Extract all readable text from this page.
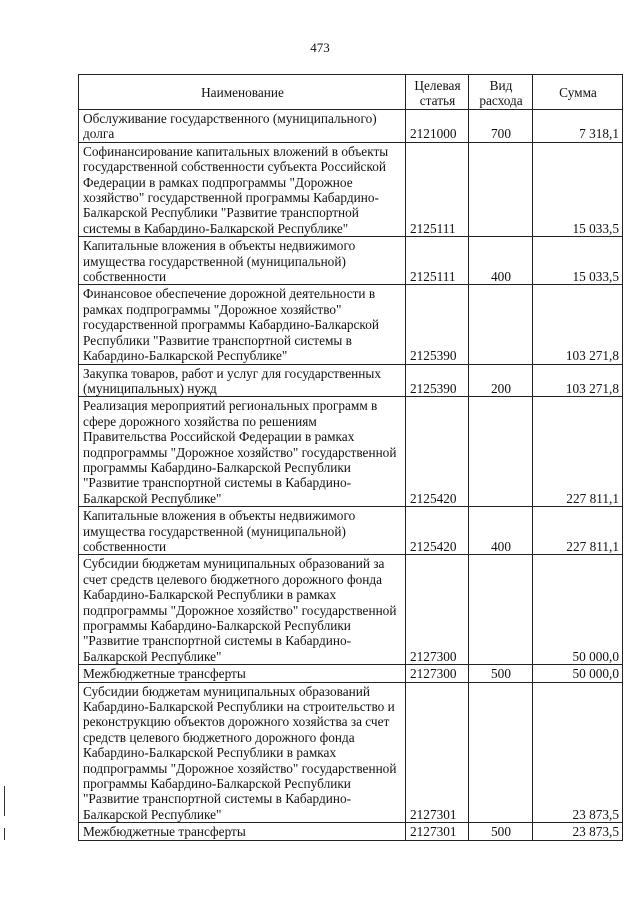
473
Наименование	Целевая статья	Вид расхода	Сумма
Обслуживание государственного (муниципального) долга	2121000	700	7 318,1
Софинансирование капитальных вложений в объекты государственной собственности субъекта Российской Федерации в рамках подпрограммы "Дорожное хозяйство" государственной программы Кабардино-Балкарской Республики "Развитие транспортной системы в Кабардино-Балкарской Республике"	2125111		15 033,5
Капитальные вложения в объекты недвижимого имущества государственной (муниципальной) собственности	2125111	400	15 033,5
Финансовое обеспечение дорожной деятельности в рамках подпрограммы "Дорожное хозяйство" государственной программы Кабардино-Балкарской Республики "Развитие транспортной системы в Кабардино-Балкарской Республике"	2125390		103 271,8
Закупка товаров, работ и услуг для государственных (муниципальных) нужд	2125390	200	103 271,8
Реализация мероприятий региональных программ в сфере дорожного хозяйства по решениям Правительства Российской Федерации в рамках подпрограммы "Дорожное хозяйство" государственной программы Кабардино-Балкарской Республики "Развитие транспортной системы в Кабардино-Балкарской Республике"	2125420		227 811,1
Капитальные вложения в объекты недвижимого имущества государственной (муниципальной) собственности	2125420	400	227 811,1
Субсидии бюджетам муниципальных образований за счет средств целевого бюджетного дорожного фонда Кабардино-Балкарской Республики в рамках подпрограммы "Дорожное хозяйство" государственной программы Кабардино-Балкарской Республики "Развитие транспортной системы в Кабардино-Балкарской Республике"	2127300		50 000,0
Межбюджетные трансферты	2127300	500	50 000,0
Субсидии бюджетам муниципальных образований Кабардино-Балкарской Республики на строительство и реконструкцию объектов дорожного хозяйства за счет средств целевого бюджетного дорожного фонда Кабардино-Балкарской Республики в рамках подпрограммы "Дорожное хозяйство" государственной программы Кабардино-Балкарской Республики "Развитие транспортной системы в Кабардино-Балкарской Республике"	2127301		23 873,5
Межбюджетные трансферты	2127301	500	23 873,5
